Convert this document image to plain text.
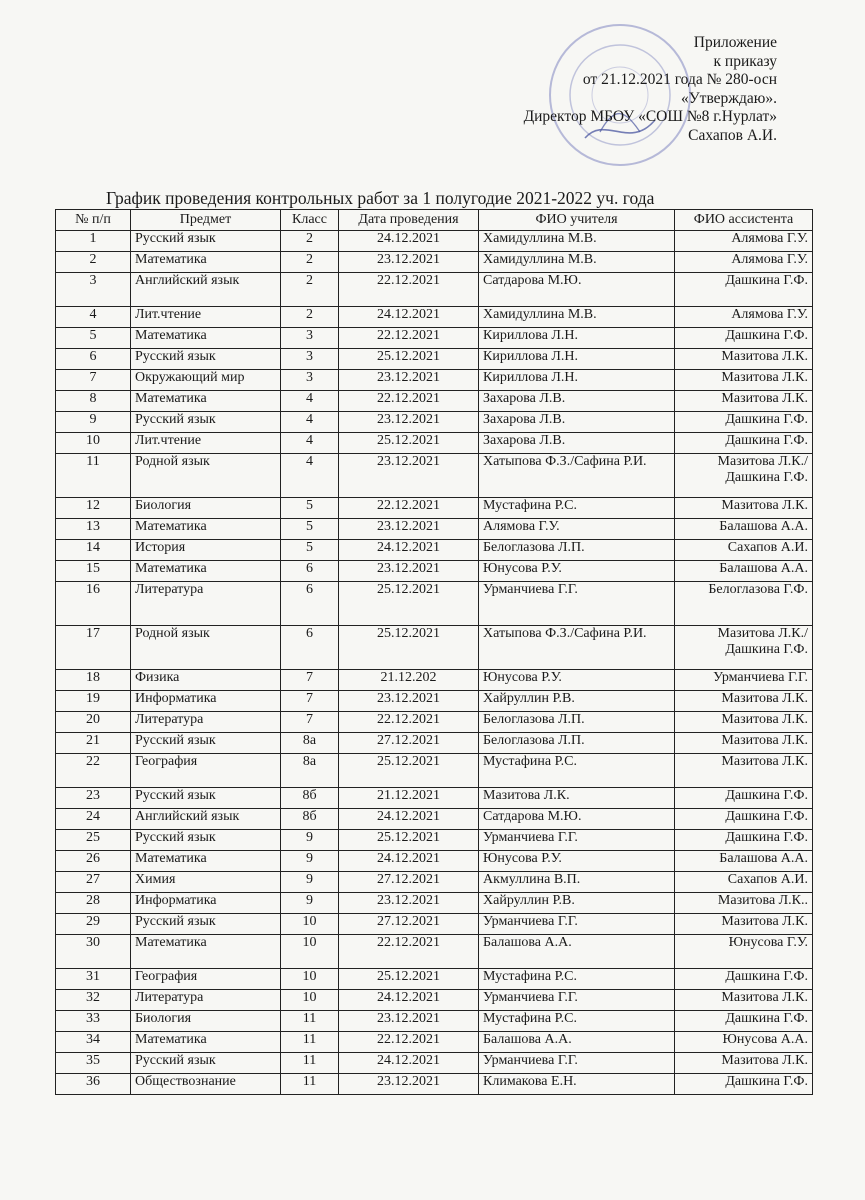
Приложение
к приказу
от 21.12.2021 года № 280-осн
«Утверждаю».
Директор МБОУ «СОШ №8 г.Нурлат»
Сахапов А.И.
График проведения контрольных работ за 1 полугодие 2021-2022 уч. года
№ п/п	Предмет	Класс	Дата проведения	ФИО учителя	ФИО ассистента
1	Русский язык	2	24.12.2021	Хамидуллина М.В.	Алямова Г.У.
2	Математика	2	23.12.2021	Хамидуллина М.В.	Алямова Г.У.
3	Английский язык	2	22.12.2021	Сатдарова М.Ю.	Дашкина Г.Ф.
4	Лит.чтение	2	24.12.2021	Хамидуллина М.В.	Алямова Г.У.
5	Математика	3	22.12.2021	Кириллова Л.Н.	Дашкина Г.Ф.
6	Русский язык	3	25.12.2021	Кириллова Л.Н.	Мазитова Л.К.
7	Окружающий мир	3	23.12.2021	Кириллова Л.Н.	Мазитова Л.К.
8	Математика	4	22.12.2021	Захарова Л.В.	Мазитова Л.К.
9	Русский язык	4	23.12.2021	Захарова Л.В.	Дашкина Г.Ф.
10	Лит.чтение	4	25.12.2021	Захарова Л.В.	Дашкина Г.Ф.
11	Родной язык	4	23.12.2021	Хатыпова Ф.З./Сафина Р.И.	Мазитова Л.К./ Дашкина Г.Ф.
12	Биология	5	22.12.2021	Мустафина Р.С.	Мазитова Л.К.
13	Математика	5	23.12.2021	Алямова Г.У.	Балашова А.А.
14	История	5	24.12.2021	Белоглазова Л.П.	Сахапов А.И.
15	Математика	6	23.12.2021	Юнусова Р.У.	Балашова А.А.
16	Литература	6	25.12.2021	Урманчиева Г.Г.	Белоглазова Г.Ф.
17	Родной язык	6	25.12.2021	Хатыпова Ф.З./Сафина Р.И.	Мазитова Л.К./ Дашкина Г.Ф.
18	Физика	7	21.12.202	Юнусова Р.У.	Урманчиева Г.Г.
19	Информатика	7	23.12.2021	Хайруллин Р.В.	Мазитова Л.К.
20	Литература	7	22.12.2021	Белоглазова Л.П.	Мазитова Л.К.
21	Русский язык	8а	27.12.2021	Белоглазова Л.П.	Мазитова Л.К.
22	География	8а	25.12.2021	Мустафина Р.С.	Мазитова Л.К.
23	Русский язык	8б	21.12.2021	Мазитова Л.К.	Дашкина Г.Ф.
24	Английский язык	8б	24.12.2021	Сатдарова М.Ю.	Дашкина Г.Ф.
25	Русский язык	9	25.12.2021	Урманчиева Г.Г.	Дашкина Г.Ф.
26	Математика	9	24.12.2021	Юнусова Р.У.	Балашова А.А.
27	Химия	9	27.12.2021	Акмуллина В.П.	Сахапов А.И.
28	Информатика	9	23.12.2021	Хайруллин Р.В.	Мазитова Л.К..
29	Русский язык	10	27.12.2021	Урманчиева Г.Г.	Мазитова Л.К.
30	Математика	10	22.12.2021	Балашова А.А.	Юнусова Г.У.
31	География	10	25.12.2021	Мустафина Р.С.	Дашкина Г.Ф.
32	Литература	10	24.12.2021	Урманчиева Г.Г.	Мазитова Л.К.
33	Биология	11	23.12.2021	Мустафина Р.С.	Дашкина Г.Ф.
34	Математика	11	22.12.2021	Балашова А.А.	Юнусова А.А.
35	Русский язык	11	24.12.2021	Урманчиева Г.Г.	Мазитова Л.К.
36	Обществознание	11	23.12.2021	Климакова Е.Н.	Дашкина Г.Ф.
